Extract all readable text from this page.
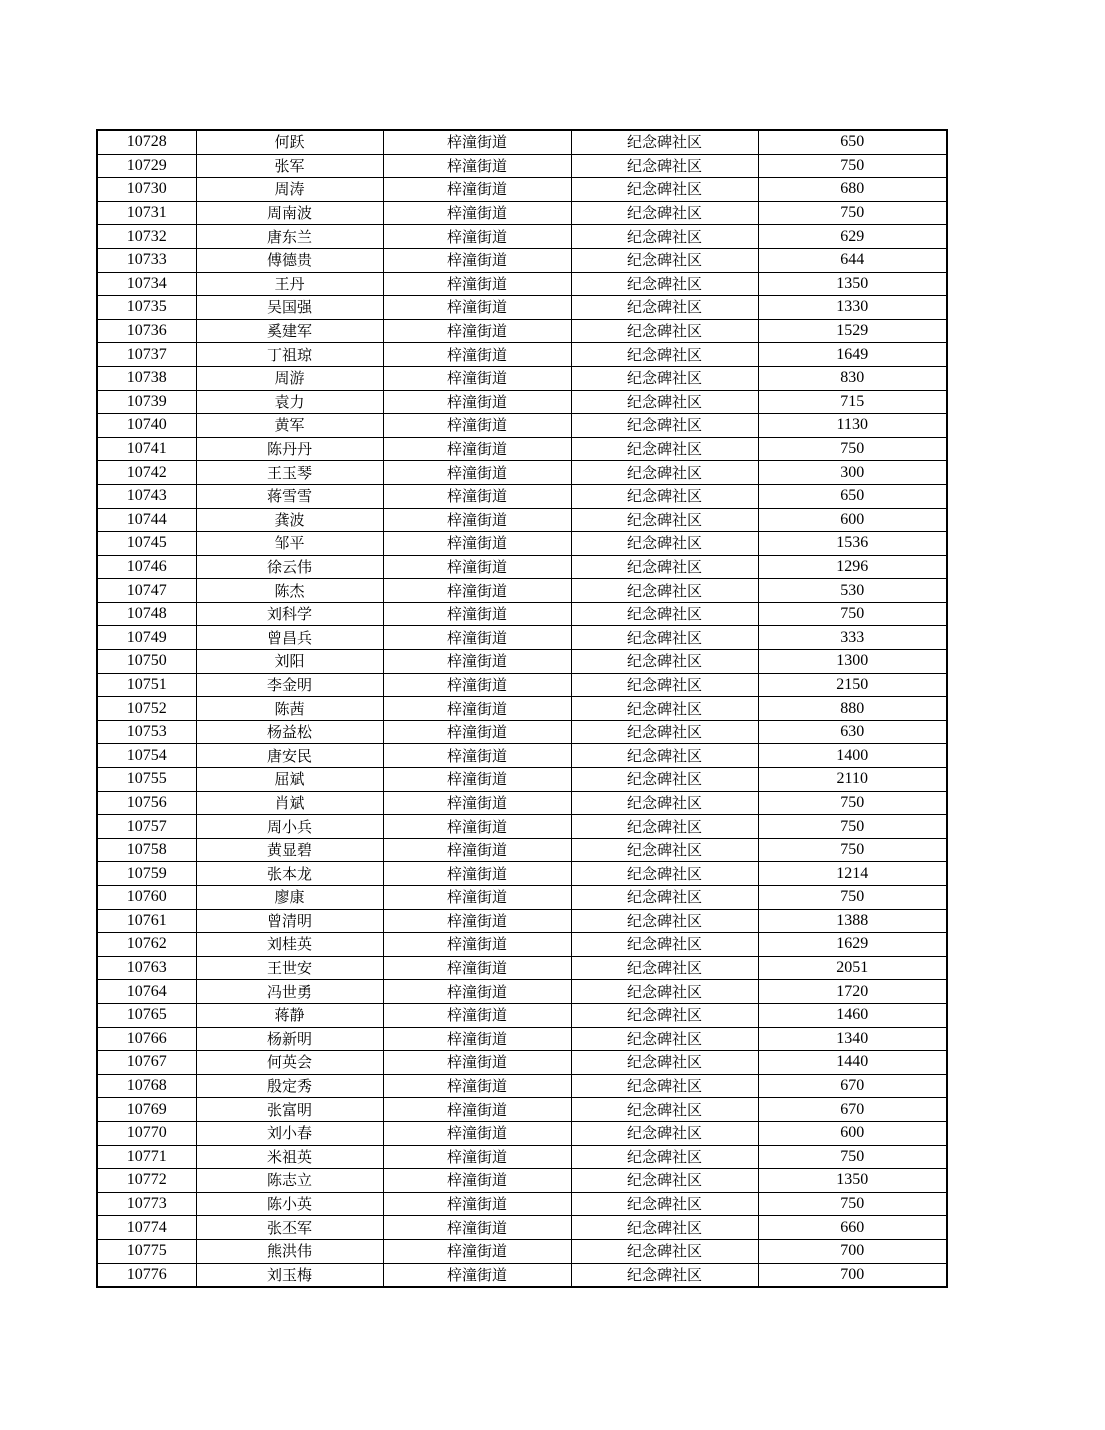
10728	何跃	梓潼街道	纪念碑社区	650
10729	张军	梓潼街道	纪念碑社区	750
10730	周涛	梓潼街道	纪念碑社区	680
10731	周南波	梓潼街道	纪念碑社区	750
10732	唐东兰	梓潼街道	纪念碑社区	629
10733	傅德贵	梓潼街道	纪念碑社区	644
10734	王丹	梓潼街道	纪念碑社区	1350
10735	吴国强	梓潼街道	纪念碑社区	1330
10736	奚建军	梓潼街道	纪念碑社区	1529
10737	丁祖琼	梓潼街道	纪念碑社区	1649
10738	周游	梓潼街道	纪念碑社区	830
10739	袁力	梓潼街道	纪念碑社区	715
10740	黄军	梓潼街道	纪念碑社区	1130
10741	陈丹丹	梓潼街道	纪念碑社区	750
10742	王玉琴	梓潼街道	纪念碑社区	300
10743	蒋雪雪	梓潼街道	纪念碑社区	650
10744	龚波	梓潼街道	纪念碑社区	600
10745	邹平	梓潼街道	纪念碑社区	1536
10746	徐云伟	梓潼街道	纪念碑社区	1296
10747	陈杰	梓潼街道	纪念碑社区	530
10748	刘科学	梓潼街道	纪念碑社区	750
10749	曾昌兵	梓潼街道	纪念碑社区	333
10750	刘阳	梓潼街道	纪念碑社区	1300
10751	李金明	梓潼街道	纪念碑社区	2150
10752	陈茜	梓潼街道	纪念碑社区	880
10753	杨益松	梓潼街道	纪念碑社区	630
10754	唐安民	梓潼街道	纪念碑社区	1400
10755	屈斌	梓潼街道	纪念碑社区	2110
10756	肖斌	梓潼街道	纪念碑社区	750
10757	周小兵	梓潼街道	纪念碑社区	750
10758	黄显碧	梓潼街道	纪念碑社区	750
10759	张本龙	梓潼街道	纪念碑社区	1214
10760	廖康	梓潼街道	纪念碑社区	750
10761	曾清明	梓潼街道	纪念碑社区	1388
10762	刘桂英	梓潼街道	纪念碑社区	1629
10763	王世安	梓潼街道	纪念碑社区	2051
10764	冯世勇	梓潼街道	纪念碑社区	1720
10765	蒋静	梓潼街道	纪念碑社区	1460
10766	杨新明	梓潼街道	纪念碑社区	1340
10767	何英会	梓潼街道	纪念碑社区	1440
10768	殷定秀	梓潼街道	纪念碑社区	670
10769	张富明	梓潼街道	纪念碑社区	670
10770	刘小春	梓潼街道	纪念碑社区	600
10771	米祖英	梓潼街道	纪念碑社区	750
10772	陈志立	梓潼街道	纪念碑社区	1350
10773	陈小英	梓潼街道	纪念碑社区	750
10774	张丕军	梓潼街道	纪念碑社区	660
10775	熊洪伟	梓潼街道	纪念碑社区	700
10776	刘玉梅	梓潼街道	纪念碑社区	700
